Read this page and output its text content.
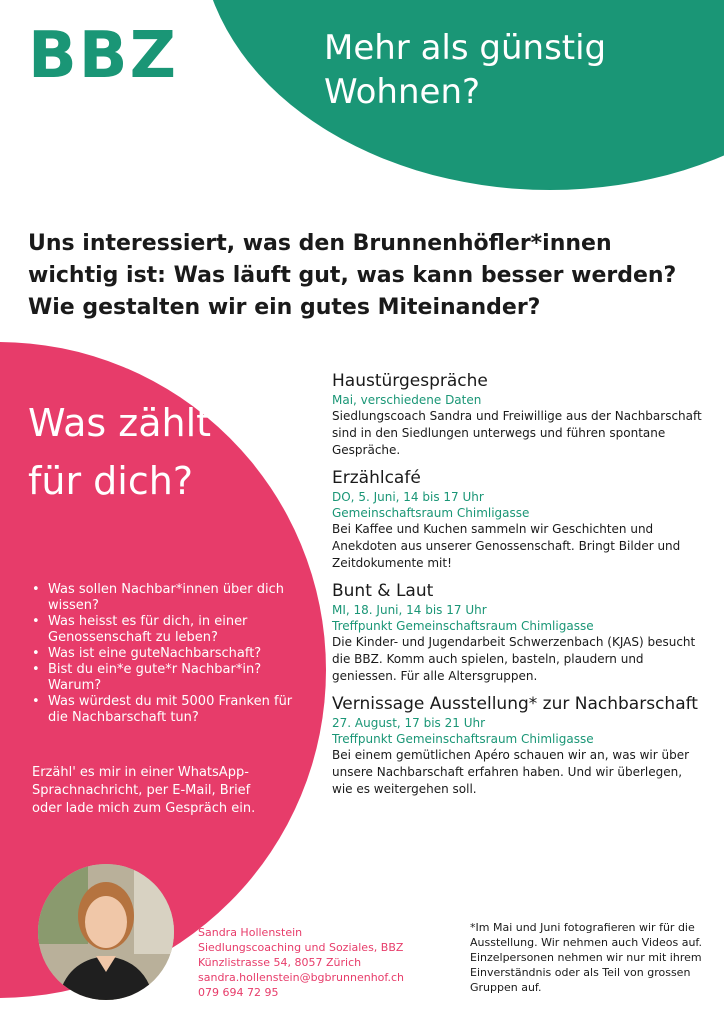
BBZ	Mehr als günstig Wohnen?
Uns interessiert, was den Brunnenhöfler*innen wichtig ist: Was läuft gut, was kann besser werden? Wie gestalten wir ein gutes Miteinander?
Was zählt für dich?
• Was sollen Nachbar*innen über dich wissen?
• Was heisst es für dich, in einer Genossenschaft zu leben?
• Was ist eine guteNachbarschaft?
• Bist du ein*e gute*r Nachbar*in? Warum?
• Was würdest du mit 5000 Franken für die Nachbarschaft tun?
Erzähl' es mir in einer WhatsApp-Sprachnachricht, per E-Mail, Brief oder lade mich zum Gespräch ein.
Sandra Hollenstein
Siedlungscoaching und Soziales, BBZ
Künzlistrasse 54, 8057 Zürich
sandra.hollenstein@bgbrunnenhof.ch
079 694 72 95
Haustürgespräche
Mai, verschiedene Daten
Siedlungscoach Sandra und Freiwillige aus der Nachbarschaft sind in den Siedlungen unterwegs und führen spontane Gespräche.
Erzählcafé
DO, 5. Juni, 14 bis 17 Uhr
Gemeinschaftsraum Chimligasse
Bei Kaffee und Kuchen sammeln wir Geschichten und Anekdoten aus unserer Genossenschaft. Bringt Bilder und Zeitdokumente mit!
Bunt & Laut
MI, 18. Juni, 14 bis 17 Uhr
Treffpunkt Gemeinschaftsraum Chimligasse
Die Kinder- und Jugendarbeit Schwerzenbach (KJAS) besucht die BBZ. Komm auch spielen, basteln, plaudern und geniessen. Für alle Altersgruppen.
Vernissage Ausstellung* zur Nachbarschaft
27. August, 17 bis 21 Uhr
Treffpunkt Gemeinschaftsraum Chimligasse
Bei einem gemütlichen Apéro schauen wir an, was wir über unsere Nachbarschaft erfahren haben. Und wir überlegen, wie es weitergehen soll.
*Im Mai und Juni fotografieren wir für die Ausstellung. Wir nehmen auch Videos auf. Einzelpersonen nehmen wir nur mit ihrem Einverständnis oder als Teil von grossen Gruppen auf.
